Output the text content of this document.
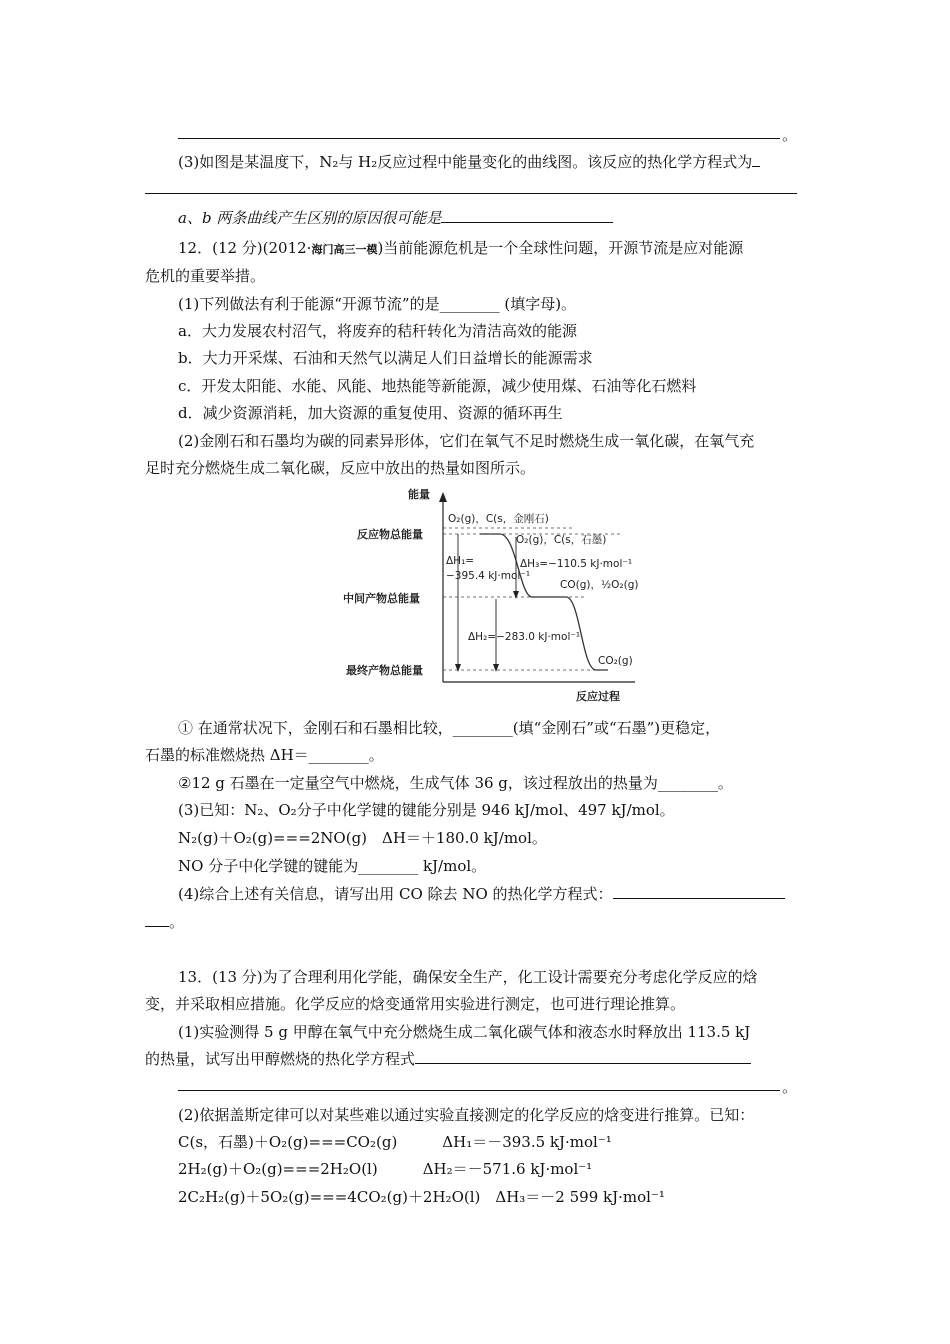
。
(3)如图是某温度下，N₂与 H₂反应过程中能量变化的曲线图。该反应的热化学方程式为
a、b 两条曲线产生区别的原因很可能是
12．(12 分)(2012·海门高三一模)当前能源危机是一个全球性问题，开源节流是应对能源
危机的重要举措。
(1)下列做法有利于能源“开源节流”的是________ (填字母)。
a．大力发展农村沼气，将废弃的秸秆转化为清洁高效的能源
b．大力开采煤、石油和天然气以满足人们日益增长的能源需求
c．开发太阳能、水能、风能、地热能等新能源，减少使用煤、石油等化石燃料
d．减少资源消耗，加大资源的重复使用、资源的循环再生
(2)金刚石和石墨均为碳的同素异形体，它们在氧气不足时燃烧生成一氧化碳，在氧气充
足时充分燃烧生成二氧化碳，反应中放出的热量如图所示。
能量
反应过程
反应物总能量
中间产物总能量
最终产物总能量
O₂(g)，C(s，金刚石)
O₂(g)，C(s，石墨)
CO(g)，½O₂(g)
CO₂(g)
ΔH₁=
−395.4 kJ·mol⁻¹
ΔH₃=−110.5 kJ·mol⁻¹
ΔH₂=−283.0 kJ·mol⁻¹
① 在通常状况下，金刚石和石墨相比较，________(填“金刚石”或“石墨”)更稳定，
石墨的标准燃烧热 ΔH＝________。
②12 g 石墨在一定量空气中燃烧，生成气体 36 g，该过程放出的热量为________。
(3)已知：N₂、O₂分子中化学键的键能分别是 946 kJ/mol、497 kJ/mol。
N₂(g)＋O₂(g)===2NO(g)　ΔH＝＋180.0 kJ/mol。
NO 分子中化学键的键能为________ kJ/mol。
(4)综合上述有关信息，请写出用 CO 除去 NO 的热化学方程式：
。
13．(13 分)为了合理利用化学能，确保安全生产，化工设计需要充分考虑化学反应的焓
变，并采取相应措施。化学反应的焓变通常用实验进行测定，也可进行理论推算。
(1)实验测得 5 g 甲醇在氧气中充分燃烧生成二氧化碳气体和液态水时释放出 113.5 kJ
的热量，试写出甲醇燃烧的热化学方程式
。
(2)依据盖斯定律可以对某些难以通过实验直接测定的化学反应的焓变进行推算。已知：
C(s，石墨)＋O₂(g)===CO₂(g)　　　ΔH₁＝－393.5 kJ·mol⁻¹
2H₂(g)＋O₂(g)===2H₂O(l)　　　ΔH₂＝－571.6 kJ·mol⁻¹
2C₂H₂(g)＋5O₂(g)===4CO₂(g)＋2H₂O(l)　ΔH₃＝－2 599 kJ·mol⁻¹
